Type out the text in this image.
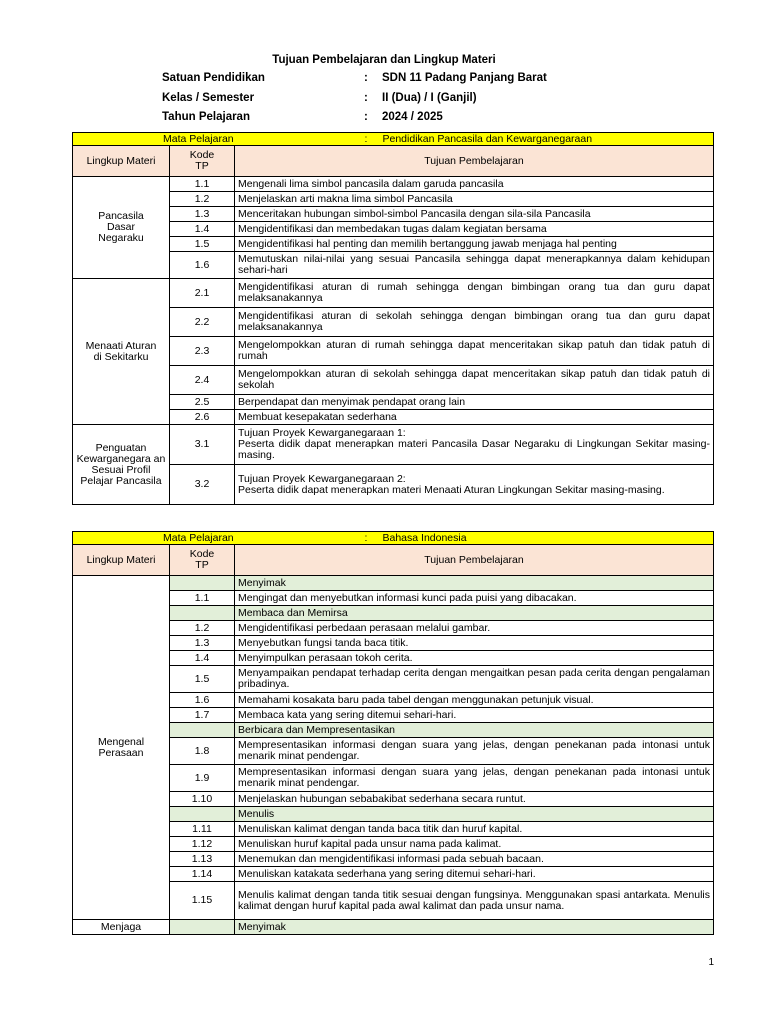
Tujuan Pembelajaran dan Lingkup Materi
Satuan Pendidikan	: SDN 11 Padang Panjang Barat
Kelas / Semester	: II (Dua) / I (Ganjil)
Tahun Pelajaran	: 2024 / 2025
Mata Pelajaran : Pendidikan Pancasila dan Kewarganegaraan		

Lingkup Materi	Kode TP	Tujuan Pembelajaran
Pancasila Dasar Negaraku	1.1	Mengenali lima simbol pancasila dalam garuda pancasila
	1.2	Menjelaskan arti makna lima simbol Pancasila
	1.3	Menceritakan hubungan simbol-simbol Pancasila dengan sila-sila Pancasila
	1.4	Mengidentifikasi dan membedakan tugas dalam kegiatan bersama
	1.5	Mengidentifikasi hal penting dan memilih bertanggung jawab menjaga hal penting
	1.6	Memutuskan nilai-nilai yang sesuai Pancasila sehingga dapat menerapkannya dalam kehidupan sehari-hari
Menaati Aturan di Sekitarku	2.1	Mengidentifikasi aturan di rumah sehingga dengan bimbingan orang tua dan guru dapat melaksanakannya
	2.2	Mengidentifikasi aturan di sekolah sehingga dengan bimbingan orang tua dan guru dapat melaksanakannya
	2.3	Mengelompokkan aturan di rumah sehingga dapat menceritakan sikap patuh dan tidak patuh di rumah
	2.4	Mengelompokkan aturan di sekolah sehingga dapat menceritakan sikap patuh dan tidak patuh di sekolah
	2.5	Berpendapat dan menyimak pendapat orang lain
	2.6	Membuat kesepakatan sederhana
Penguatan Kewarganegara an Sesuai Profil Pelajar Pancasila	3.1	Tujuan Proyek Kewarganegaraan 1:
Peserta didik dapat menerapkan materi Pancasila Dasar Negaraku di Lingkungan Sekitar masing-masing.

	3.2	Tujuan Proyek Kewarganegaraan 2:
Peserta didik dapat menerapkan materi Menaati Aturan Lingkungan Sekitar masing-masing.
Mata Pelajaran : Bahasa Indonesia		

Lingkup Materi	Kode TP	Tujuan Pembelajaran
Mengenal Perasaan		Menyimak
	1.1	Mengingat dan menyebutkan informasi kunci pada puisi yang dibacakan.
		Membaca dan Memirsa
	1.2	Mengidentifikasi perbedaan perasaan melalui gambar.
	1.3	Menyebutkan fungsi tanda baca titik.
	1.4	Menyimpulkan perasaan tokoh cerita.
	1.5	Menyampaikan pendapat terhadap cerita dengan mengaitkan pesan pada cerita dengan pengalaman pribadinya.
	1.6	Memahami kosakata baru pada tabel dengan menggunakan petunjuk visual.
	1.7	Membaca kata yang sering ditemui sehari-hari.
		Berbicara dan Mempresentasikan
	1.8	Mempresentasikan informasi dengan suara yang jelas, dengan penekanan pada intonasi untuk menarik minat pendengar.
	1.9	Mempresentasikan informasi dengan suara yang jelas, dengan penekanan pada intonasi untuk menarik minat pendengar.
	1.10	Menjelaskan hubungan sebabakibat sederhana secara runtut.
		Menulis
	1.11	Menuliskan kalimat dengan tanda baca titik dan huruf kapital.
	1.12	Menuliskan huruf kapital pada unsur nama pada kalimat.
	1.13	Menemukan dan mengidentifikasi informasi pada sebuah bacaan.
	1.14	Menuliskan katakata sederhana yang sering ditemui sehari-hari.
	1.15	Menulis kalimat dengan tanda titik sesuai dengan fungsinya. Menggunakan spasi antarkata. Menulis kalimat dengan huruf kapital pada awal kalimat dan pada unsur nama.
Menjaga		Menyimak
1
